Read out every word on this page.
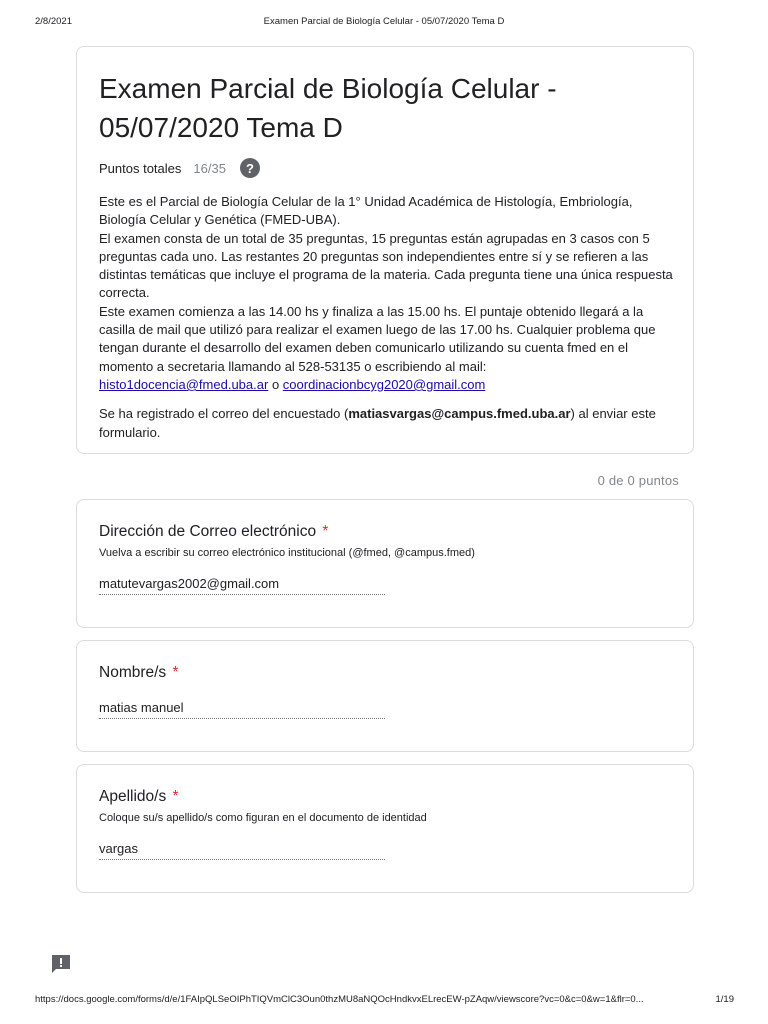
2/8/2021	Examen Parcial de Biología Celular - 05/07/2020 Tema D
Examen Parcial de Biología Celular - 05/07/2020 Tema D
Puntos totales 16/35	?

Este es el Parcial de Biología Celular de la 1° Unidad Académica de Histología, Embriología, Biología Celular y Genética (FMED-UBA).

El examen consta de un total de 35 preguntas, 15 preguntas están agrupadas en 3 casos con 5 preguntas cada uno. Las restantes 20 preguntas son independientes entre sí y se refieren a las distintas temáticas que incluye el programa de la materia. Cada pregunta tiene una única respuesta correcta.

Este examen comienza a las 14.00 hs y finaliza a las 15.00 hs. El puntaje obtenido llegará a la casilla de mail que utilizó para realizar el examen luego de las 17.00 hs. Cualquier problema que tengan durante el desarrollo del examen deben comunicarlo utilizando su cuenta fmed en el momento a secretaria llamando al 528-53135 o escribiendo al mail:

histo1docencia@fmed.uba.ar o coordinacionbcyg2020@gmail.com

Se ha registrado el correo del encuestado (matiasvargas@campus.fmed.uba.ar) al enviar este formulario.
0 de 0 puntos
Dirección de Correo electrónico *
Vuelva a escribir su correo electrónico institucional (@fmed, @campus.fmed)
matutevargas2002@gmail.com
Nombre/s *
matias manuel
Apellido/s *
Coloque su/s apellido/s como figuran en el documento de identidad
vargas
https://docs.google.com/forms/d/e/1FAIpQLSeOIPhTIQVmClC3Oun0thzMU8aNQOcHndkvxELrecEW-pZAqw/viewscore?vc=0&c=0&w=1&flr=0...	1/19
